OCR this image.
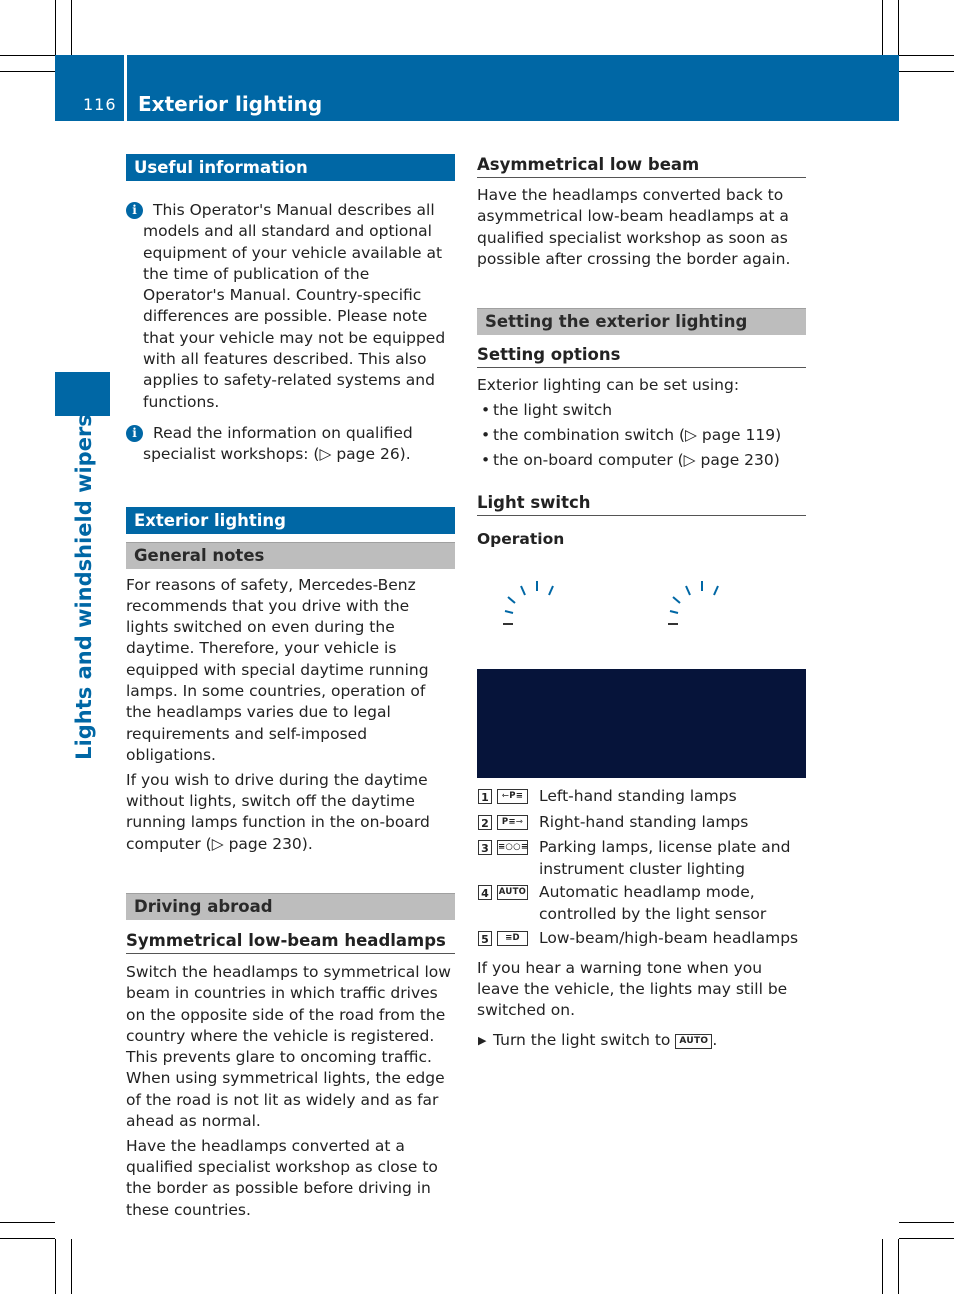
116 Exterior lighting
Lights and windshield wipers
Useful information
i	This Operator's Manual describes all models and all standard and optional equipment of your vehicle available at the time of publication of the Operator's Manual. Country-specific differences are possible. Please note that your vehicle may not be equipped with all features described. This also applies to safety-related systems and functions.

i	Read the information on qualified specialist workshops: (▷ page 26).

Exterior lighting
General notes

For reasons of safety, Mercedes-Benz recommends that you drive with the lights switched on even during the daytime. Therefore, your vehicle is equipped with special daytime running lamps. In some countries, operation of the headlamps varies due to legal requirements and self-imposed obligations.

If you wish to drive during the daytime without lights, switch off the daytime running lamps function in the on-board computer (▷ page 230).

Driving abroad
Symmetrical low-beam headlamps

Switch the headlamps to symmetrical low beam in countries in which traffic drives on the opposite side of the road from the country where the vehicle is registered. This prevents glare to oncoming traffic. When using symmetrical lights, the edge of the road is not lit as widely and as far ahead as normal.

Have the headlamps converted at a qualified specialist workshop as close to the border as possible before driving in these countries.

Asymmetrical low beam

Have the headlamps converted back to asymmetrical low-beam headlamps at a qualified specialist workshop as soon as possible after crossing the border again.

Setting the exterior lighting
Setting options

Exterior lighting can be set using:

• the light switch
• the combination switch (▷ page 119)
• the on-board computer (▷ page 230)
Light switch
Operation
1	⇽P≡	Left-hand standing lamps
2	P≡⇾	Right-hand standing lamps
3	≡○○≡ Parking lamps, license plate and instrument cluster lighting
4	AUTO Automatic headlamp mode, controlled by the light sensor
5	≡D	Low-beam/high-beam headlamps

If you hear a warning tone when you leave the vehicle, the lights may still be switched on.

▶ Turn the light switch to AUTO .
